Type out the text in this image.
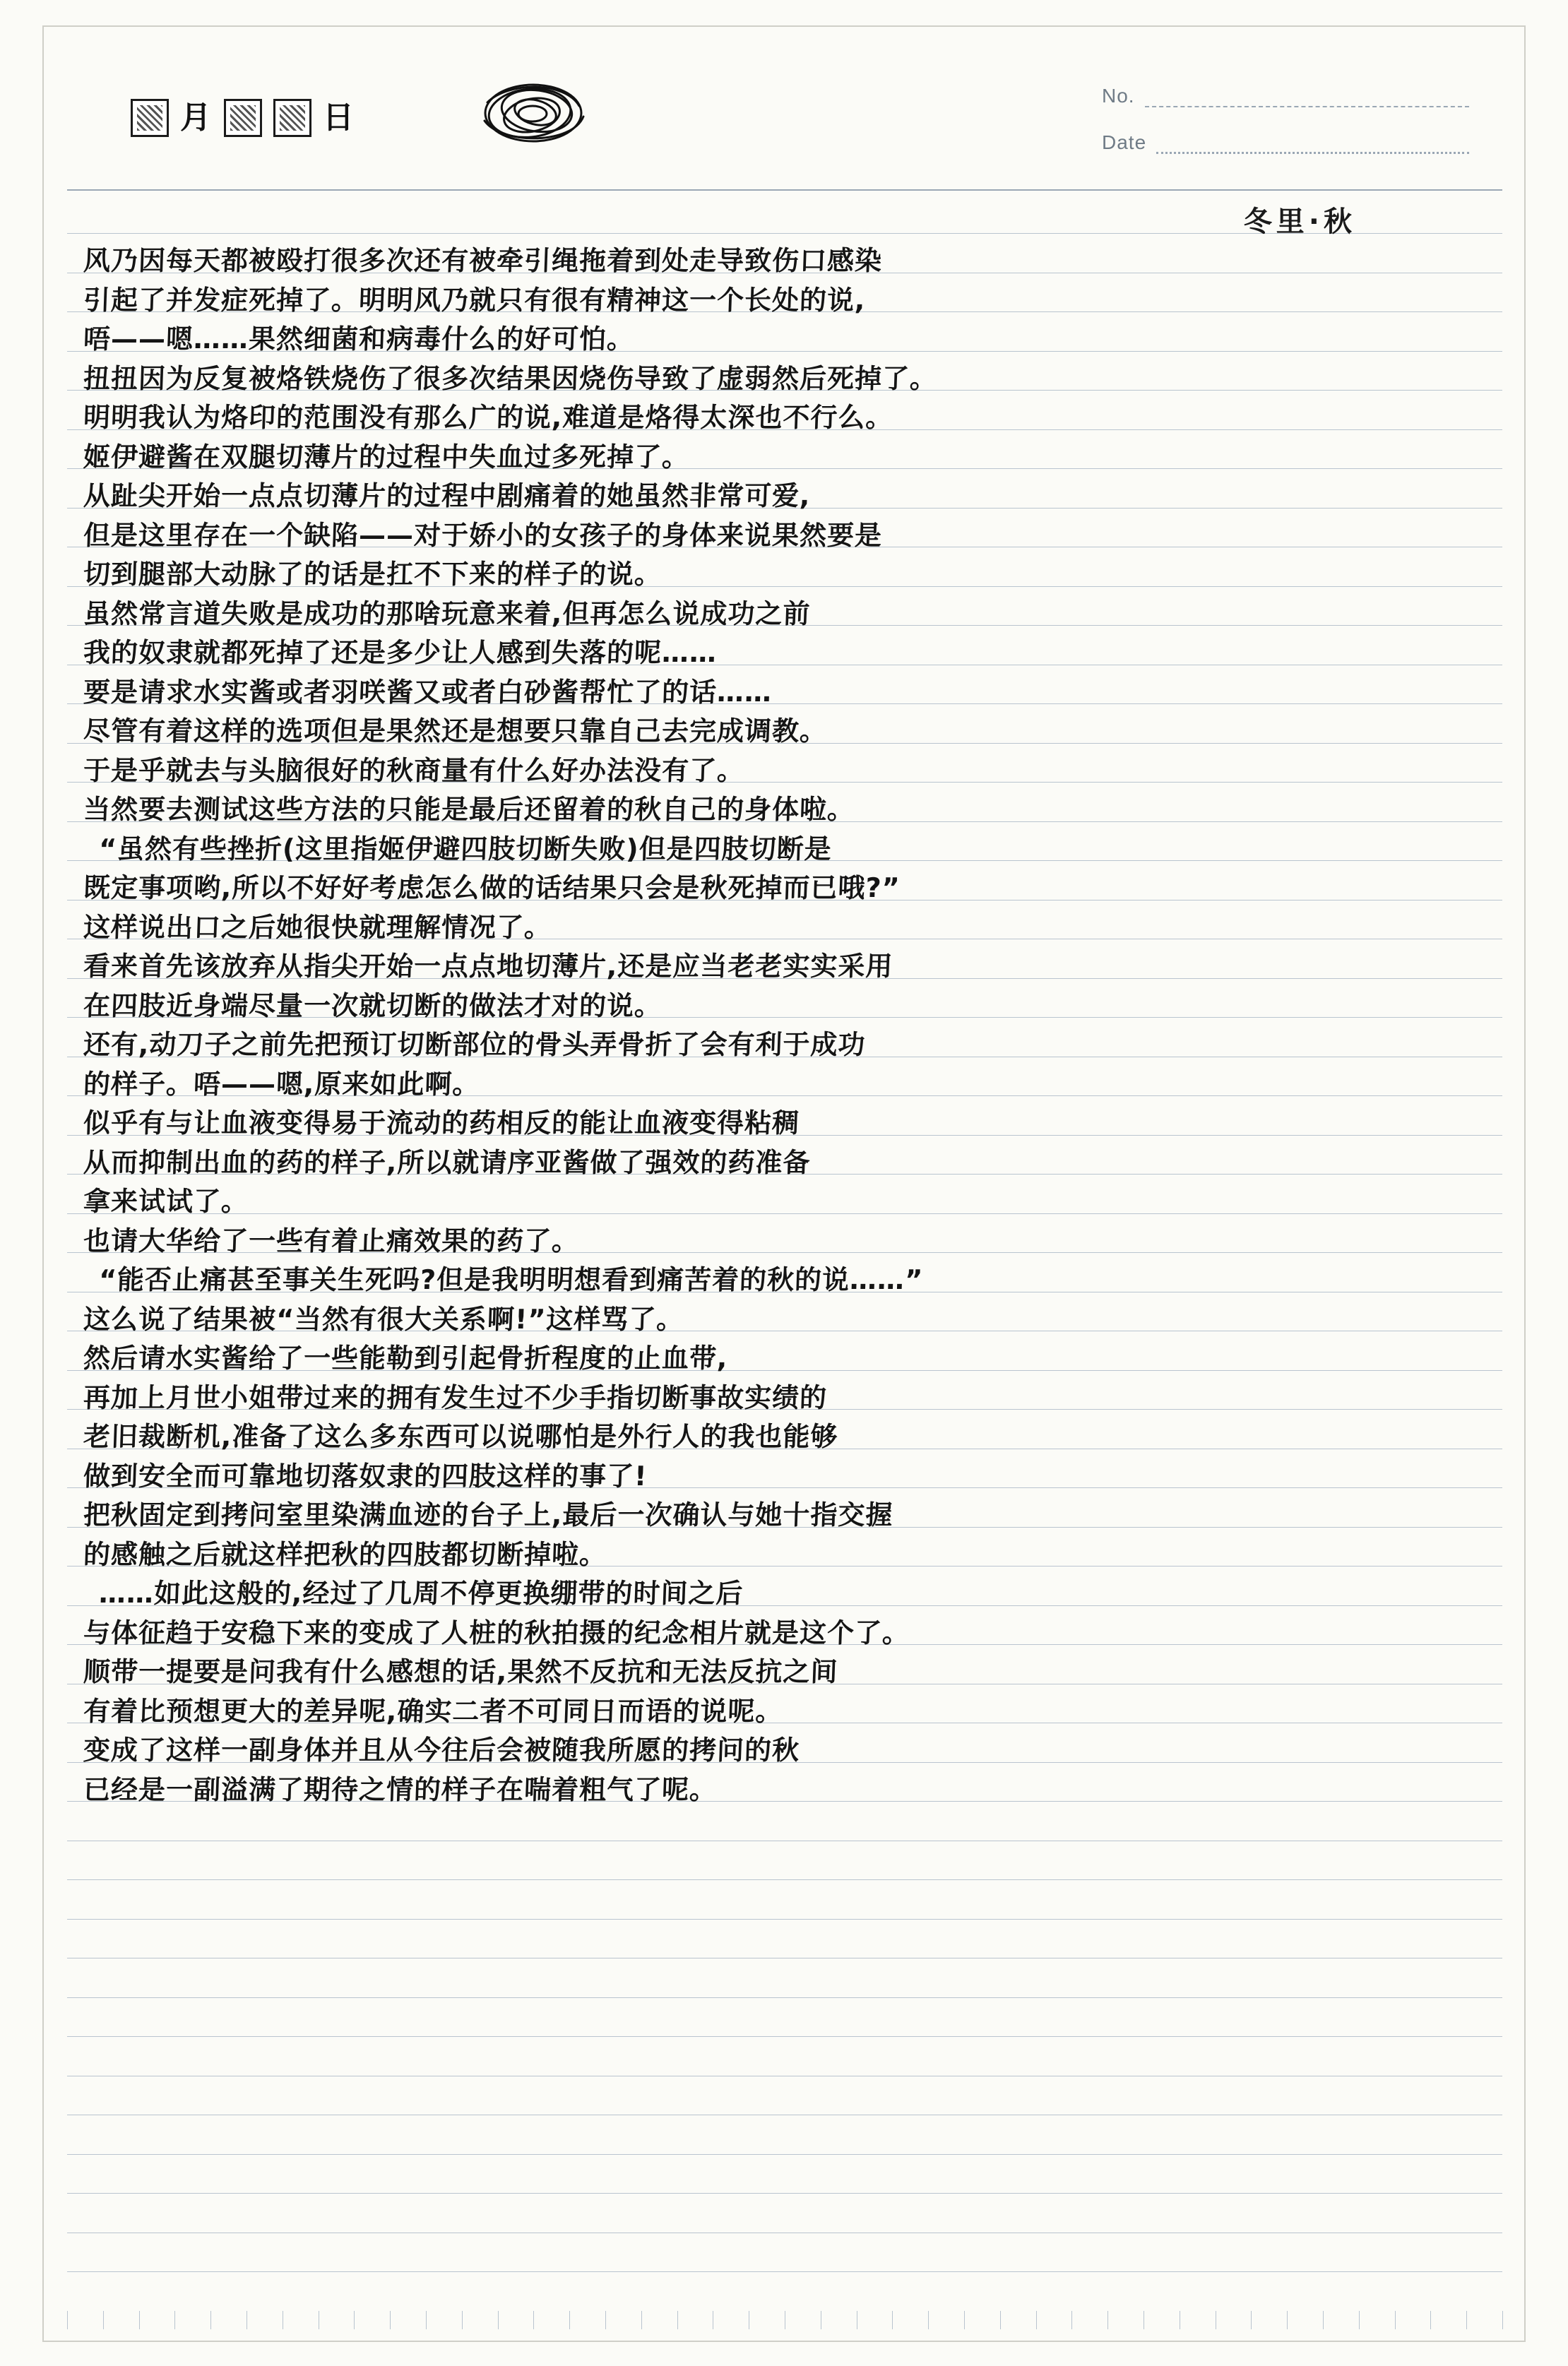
月	日
No.
Date
冬里·秋
风乃因每天都被殴打很多次还有被牵引绳拖着到处走导致伤口感染
引起了并发症死掉了。明明风乃就只有很有精神这一个长处的说,
唔——嗯……果然细菌和病毒什么的好可怕。
扭扭因为反复被烙铁烧伤了很多次结果因烧伤导致了虚弱然后死掉了。
明明我认为烙印的范围没有那么广的说,难道是烙得太深也不行么。
姬伊避酱在双腿切薄片的过程中失血过多死掉了。
从趾尖开始一点点切薄片的过程中剧痛着的她虽然非常可爱,
但是这里存在一个缺陷——对于娇小的女孩子的身体来说果然要是
切到腿部大动脉了的话是扛不下来的样子的说。
虽然常言道失败是成功的那啥玩意来着,但再怎么说成功之前
我的奴隶就都死掉了还是多少让人感到失落的呢……
要是请求水实酱或者羽咲酱又或者白砂酱帮忙了的话……
尽管有着这样的选项但是果然还是想要只靠自己去完成调教。
于是乎就去与头脑很好的秋商量有什么好办法没有了。
当然要去测试这些方法的只能是最后还留着的秋自己的身体啦。
“虽然有些挫折(这里指姬伊避四肢切断失败)但是四肢切断是
既定事项哟,所以不好好考虑怎么做的话结果只会是秋死掉而已哦?”
这样说出口之后她很快就理解情况了。
看来首先该放弃从指尖开始一点点地切薄片,还是应当老老实实采用
在四肢近身端尽量一次就切断的做法才对的说。
还有,动刀子之前先把预订切断部位的骨头弄骨折了会有利于成功
的样子。唔——嗯,原来如此啊。
似乎有与让血液变得易于流动的药相反的能让血液变得粘稠
从而抑制出血的药的样子,所以就请序亚酱做了强效的药准备
拿来试试了。
也请大华给了一些有着止痛效果的药了。
“能否止痛甚至事关生死吗?但是我明明想看到痛苦着的秋的说……”
这么说了结果被“当然有很大关系啊!”这样骂了。
然后请水实酱给了一些能勒到引起骨折程度的止血带,
再加上月世小姐带过来的拥有发生过不少手指切断事故实绩的
老旧裁断机,准备了这么多东西可以说哪怕是外行人的我也能够
做到安全而可靠地切落奴隶的四肢这样的事了!
把秋固定到拷问室里染满血迹的台子上,最后一次确认与她十指交握
的感触之后就这样把秋的四肢都切断掉啦。
……如此这般的,经过了几周不停更换绷带的时间之后
与体征趋于安稳下来的变成了人桩的秋拍摄的纪念相片就是这个了。
顺带一提要是问我有什么感想的话,果然不反抗和无法反抗之间
有着比预想更大的差异呢,确实二者不可同日而语的说呢。
变成了这样一副身体并且从今往后会被随我所愿的拷问的秋
已经是一副溢满了期待之情的样子在喘着粗气了呢。
